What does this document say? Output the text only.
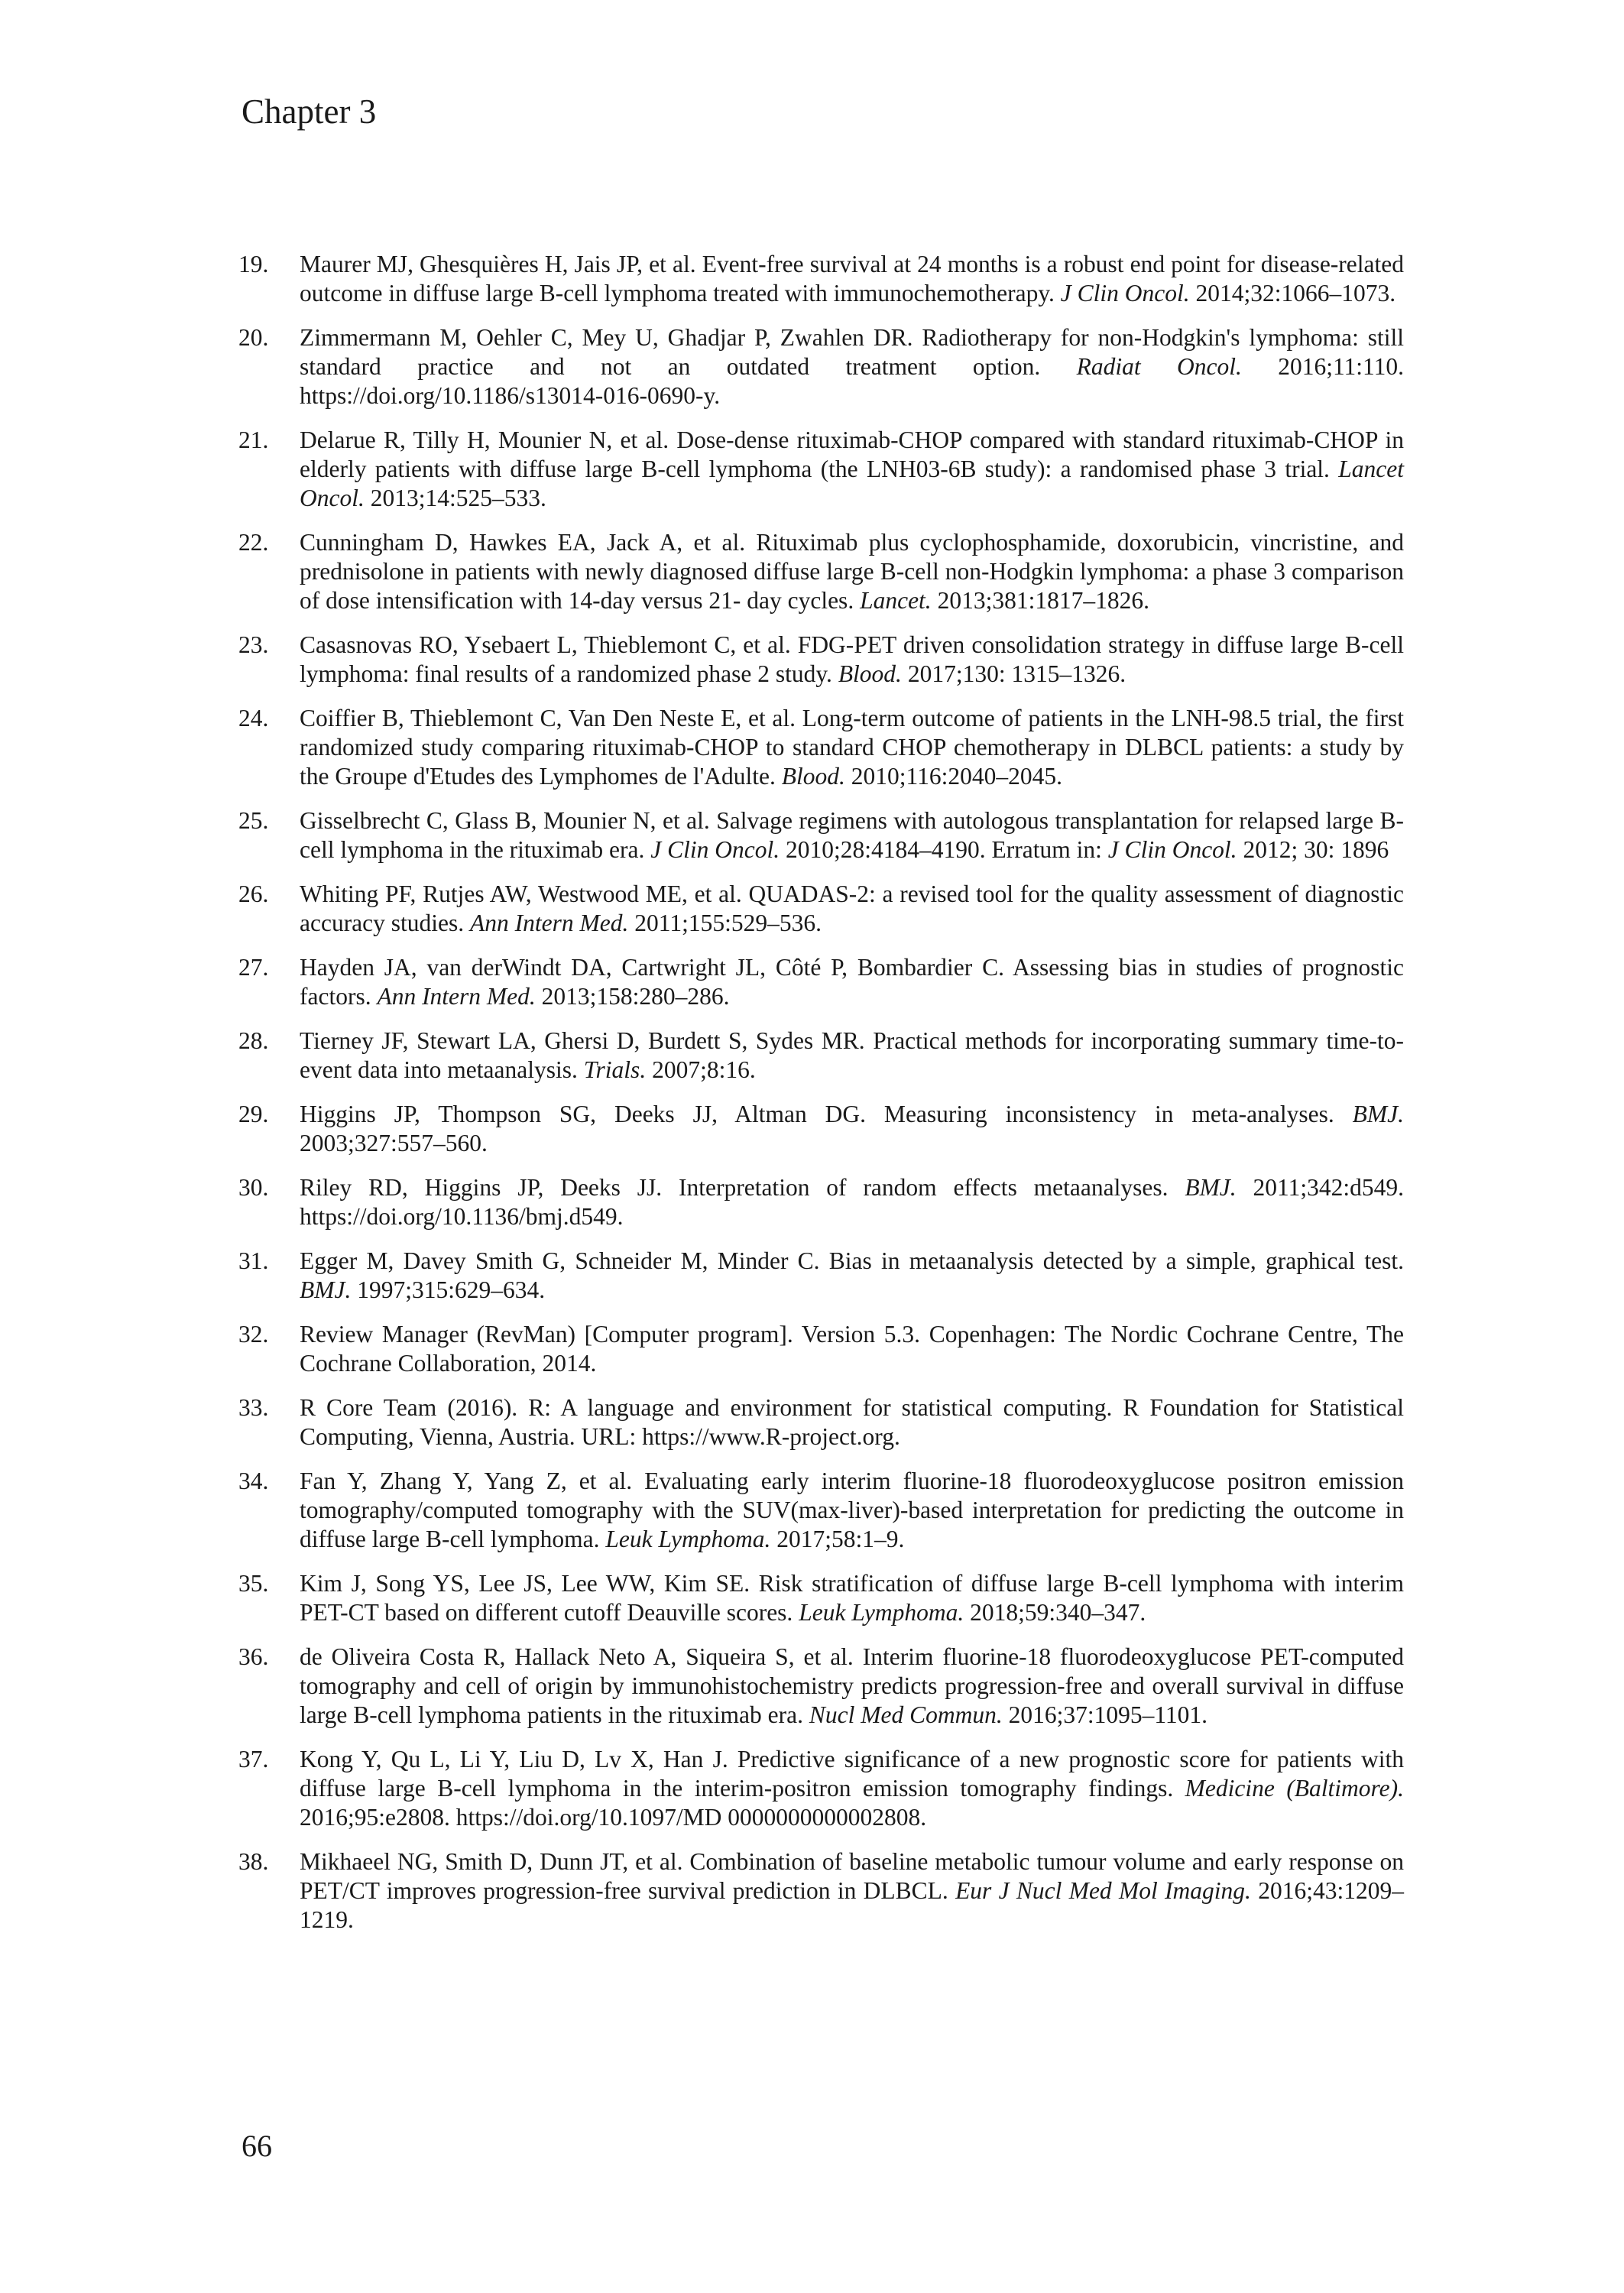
Chapter 3
19. Maurer MJ, Ghesquières H, Jais JP, et al. Event-free survival at 24 months is a robust end point for disease-related outcome in diffuse large B-cell lymphoma treated with immunochemotherapy. J Clin Oncol. 2014;32:1066–1073.
20. Zimmermann M, Oehler C, Mey U, Ghadjar P, Zwahlen DR. Radiotherapy for non-Hodgkin's lymphoma: still standard practice and not an outdated treatment option. Radiat Oncol. 2016;11:110. https://doi.org/10.1186/s13014-016-0690-y.
21. Delarue R, Tilly H, Mounier N, et al. Dose-dense rituximab-CHOP compared with standard rituximab-CHOP in elderly patients with diffuse large B-cell lymphoma (the LNH03-6B study): a randomised phase 3 trial. Lancet Oncol. 2013;14:525–533.
22. Cunningham D, Hawkes EA, Jack A, et al. Rituximab plus cyclophosphamide, doxorubicin, vincristine, and prednisolone in patients with newly diagnosed diffuse large B-cell non-Hodgkin lymphoma: a phase 3 comparison of dose intensification with 14-day versus 21- day cycles. Lancet. 2013;381:1817–1826.
23. Casasnovas RO, Ysebaert L, Thieblemont C, et al. FDG-PET driven consolidation strategy in diffuse large B-cell lymphoma: final results of a randomized phase 2 study. Blood. 2017;130: 1315–1326.
24. Coiffier B, Thieblemont C, Van Den Neste E, et al. Long-term outcome of patients in the LNH-98.5 trial, the first randomized study comparing rituximab-CHOP to standard CHOP chemotherapy in DLBCL patients: a study by the Groupe d'Etudes des Lymphomes de l'Adulte. Blood. 2010;116:2040–2045.
25. Gisselbrecht C, Glass B, Mounier N, et al. Salvage regimens with autologous transplantation for relapsed large B-cell lymphoma in the rituximab era. J Clin Oncol. 2010;28:4184–4190. Erratum in: J Clin Oncol. 2012; 30: 1896
26. Whiting PF, Rutjes AW, Westwood ME, et al. QUADAS-2: a revised tool for the quality assessment of diagnostic accuracy studies. Ann Intern Med. 2011;155:529–536.
27. Hayden JA, van derWindt DA, Cartwright JL, Côté P, Bombardier C. Assessing bias in studies of prognostic factors. Ann Intern Med. 2013;158:280–286.
28. Tierney JF, Stewart LA, Ghersi D, Burdett S, Sydes MR. Practical methods for incorporating summary time-to-event data into metaanalysis. Trials. 2007;8:16.
29. Higgins JP, Thompson SG, Deeks JJ, Altman DG. Measuring inconsistency in meta-analyses. BMJ. 2003;327:557–560.
30. Riley RD, Higgins JP, Deeks JJ. Interpretation of random effects metaanalyses. BMJ. 2011;342:d549. https://doi.org/10.1136/bmj.d549.
31. Egger M, Davey Smith G, Schneider M, Minder C. Bias in metaanalysis detected by a simple, graphical test. BMJ. 1997;315:629–634.
32. Review Manager (RevMan) [Computer program]. Version 5.3. Copenhagen: The Nordic Cochrane Centre, The Cochrane Collaboration, 2014.
33. R Core Team (2016). R: A language and environment for statistical computing. R Foundation for Statistical Computing, Vienna, Austria. URL: https://www.R-project.org.
34. Fan Y, Zhang Y, Yang Z, et al. Evaluating early interim fluorine-18 fluorodeoxyglucose positron emission tomography/computed tomography with the SUV(max-liver)-based interpretation for predicting the outcome in diffuse large B-cell lymphoma. Leuk Lymphoma. 2017;58:1–9.
35. Kim J, Song YS, Lee JS, Lee WW, Kim SE. Risk stratification of diffuse large B-cell lymphoma with interim PET-CT based on different cutoff Deauville scores. Leuk Lymphoma. 2018;59:340–347.
36. de Oliveira Costa R, Hallack Neto A, Siqueira S, et al. Interim fluorine-18 fluorodeoxyglucose PET-computed tomography and cell of origin by immunohistochemistry predicts progression-free and overall survival in diffuse large B-cell lymphoma patients in the rituximab era. Nucl Med Commun. 2016;37:1095–1101.
37. Kong Y, Qu L, Li Y, Liu D, Lv X, Han J. Predictive significance of a new prognostic score for patients with diffuse large B-cell lymphoma in the interim-positron emission tomography findings. Medicine (Baltimore). 2016;95:e2808. https://doi.org/10.1097/MD 0000000000002808.
38. Mikhaeel NG, Smith D, Dunn JT, et al. Combination of baseline metabolic tumour volume and early response on PET/CT improves progression-free survival prediction in DLBCL. Eur J Nucl Med Mol Imaging. 2016;43:1209–1219.
66
